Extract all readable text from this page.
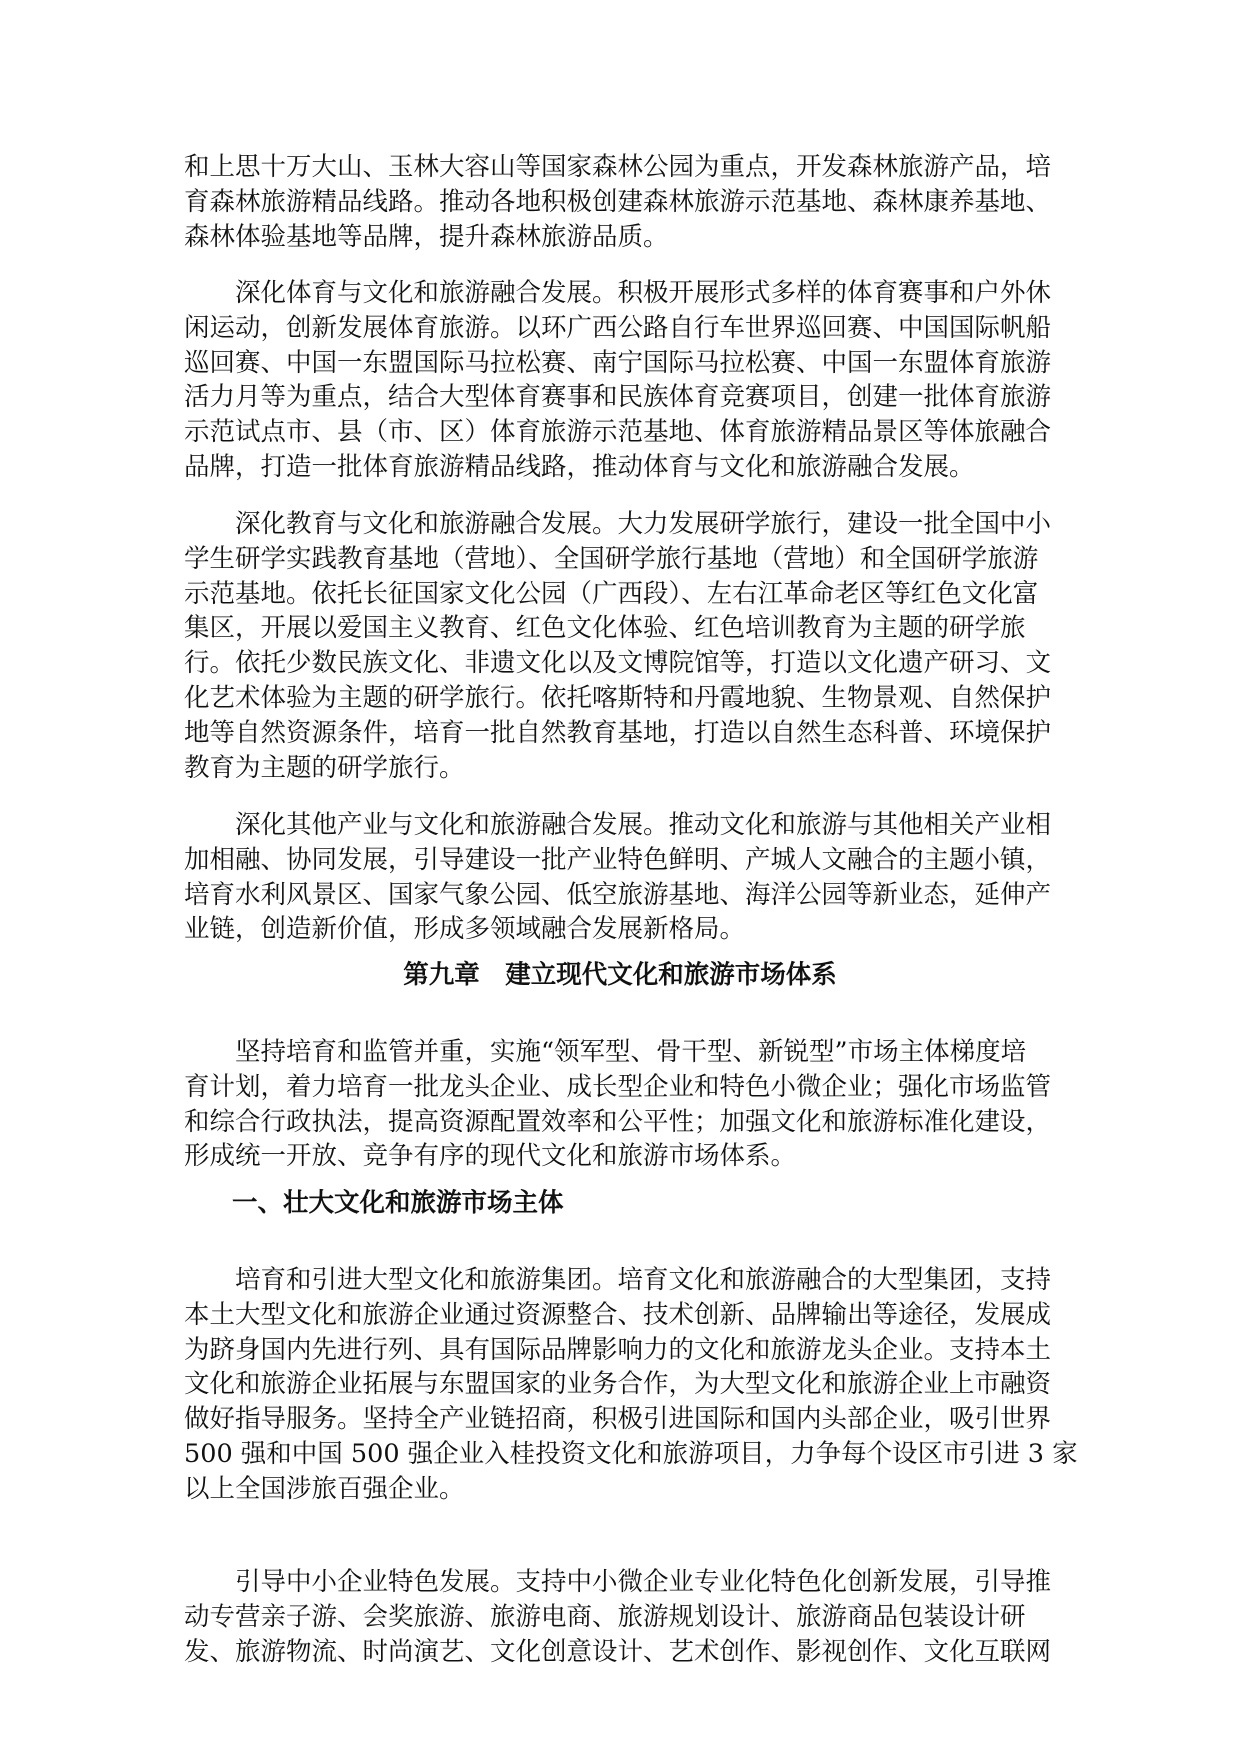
和上思十万大山、玉林大容山等国家森林公园为重点，开发森林旅游产品，培
育森林旅游精品线路。推动各地积极创建森林旅游示范基地、森林康养基地、
森林体验基地等品牌，提升森林旅游品质。
　　深化体育与文化和旅游融合发展。积极开展形式多样的体育赛事和户外休
闲运动，创新发展体育旅游。以环广西公路自行车世界巡回赛、中国国际帆船
巡回赛、中国一东盟国际马拉松赛、南宁国际马拉松赛、中国一东盟体育旅游
活力月等为重点，结合大型体育赛事和民族体育竞赛项目，创建一批体育旅游
示范试点市、县（市、区）体育旅游示范基地、体育旅游精品景区等体旅融合
品牌，打造一批体育旅游精品线路，推动体育与文化和旅游融合发展。
　　深化教育与文化和旅游融合发展。大力发展研学旅行，建设一批全国中小
学生研学实践教育基地（营地）、全国研学旅行基地（营地）和全国研学旅游
示范基地。依托长征国家文化公园（广西段）、左右江革命老区等红色文化富
集区，开展以爱国主义教育、红色文化体验、红色培训教育为主题的研学旅
行。依托少数民族文化、非遗文化以及文博院馆等，打造以文化遗产研习、文
化艺术体验为主题的研学旅行。依托喀斯特和丹霞地貌、生物景观、自然保护
地等自然资源条件，培育一批自然教育基地，打造以自然生态科普、环境保护
教育为主题的研学旅行。
　　深化其他产业与文化和旅游融合发展。推动文化和旅游与其他相关产业相
加相融、协同发展，引导建设一批产业特色鲜明、产城人文融合的主题小镇，
培育水利风景区、国家气象公园、低空旅游基地、海洋公园等新业态，延伸产
业链，创造新价值，形成多领域融合发展新格局。
第九章　建立现代文化和旅游市场体系
　　坚持培育和监管并重，实施“领军型、骨干型、新锐型”市场主体梯度培
育计划，着力培育一批龙头企业、成长型企业和特色小微企业；强化市场监管
和综合行政执法，提高资源配置效率和公平性；加强文化和旅游标准化建设，
形成统一开放、竞争有序的现代文化和旅游市场体系。
一、壮大文化和旅游市场主体
　　培育和引进大型文化和旅游集团。培育文化和旅游融合的大型集团，支持
本土大型文化和旅游企业通过资源整合、技术创新、品牌输出等途径，发展成
为跻身国内先进行列、具有国际品牌影响力的文化和旅游龙头企业。支持本土
文化和旅游企业拓展与东盟国家的业务合作，为大型文化和旅游企业上市融资
做好指导服务。坚持全产业链招商，积极引进国际和国内头部企业，吸引世界
500 强和中国 500 强企业入桂投资文化和旅游项目，力争每个设区市引进 3 家
以上全国涉旅百强企业。
　　引导中小企业特色发展。支持中小微企业专业化特色化创新发展，引导推
动专营亲子游、会奖旅游、旅游电商、旅游规划设计、旅游商品包装设计研
发、旅游物流、时尚演艺、文化创意设计、艺术创作、影视创作、文化互联网
